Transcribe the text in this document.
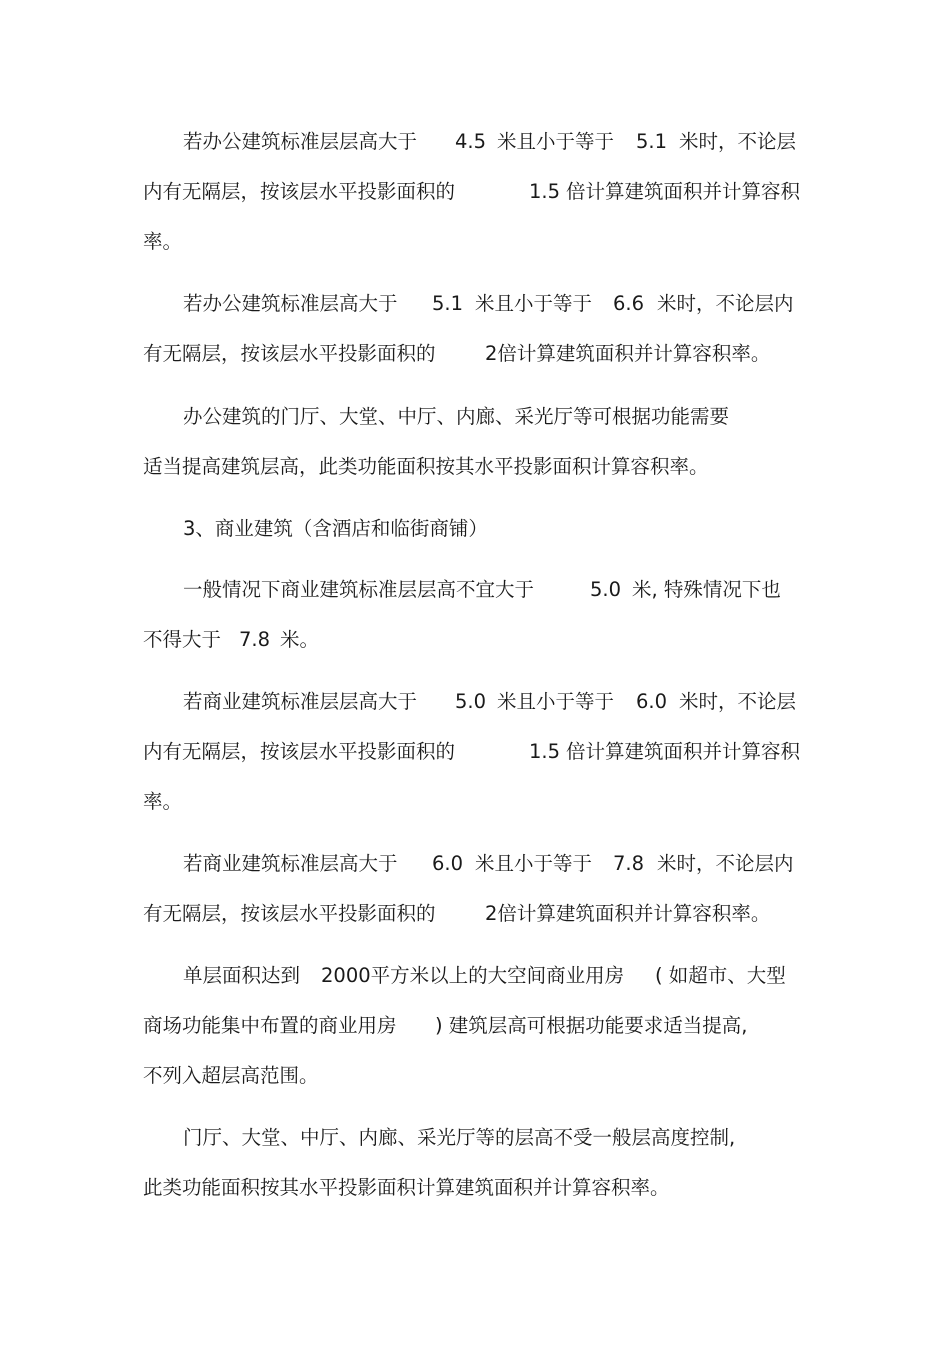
若办公建筑标准层层高大于 4.5 米且小于等于 5.1 米时，不论层
内有无隔层，按该层水平投影面积的	1.5 倍计算建筑面积并计算容积
率。
若办公建筑标准层高大于 5.1 米且小于等于 6.6 米时，不论层内
有无隔层，按该层水平投影面积的	2倍计算建筑面积并计算容积率。
办公建筑的门厅、大堂、中厅、内廊、采光厅等可根据功能需要
适当提高建筑层高，此类功能面积按其水平投影面积计算容积率。
3、商业建筑（含酒店和临街商铺）
一般情况下商业建筑标准层层高不宜大于	5.0 米, 特殊情况下也
不得大于 7.8 米。
若商业建筑标准层层高大于 5.0 米且小于等于 6.0 米时，不论层
内有无隔层，按该层水平投影面积的	1.5 倍计算建筑面积并计算容积
率。
若商业建筑标准层高大于 6.0 米且小于等于 7.8 米时，不论层内
有无隔层，按该层水平投影面积的	2倍计算建筑面积并计算容积率。
单层面积达到 2000平方米以上的大空间商业用房 ( 如超市、大型
商场功能集中布置的商业用房 ) 建筑层高可根据功能要求适当提高,
不列入超层高范围。
门厅、大堂、中厅、内廊、采光厅等的层高不受一般层高度控制,
此类功能面积按其水平投影面积计算建筑面积并计算容积率。
